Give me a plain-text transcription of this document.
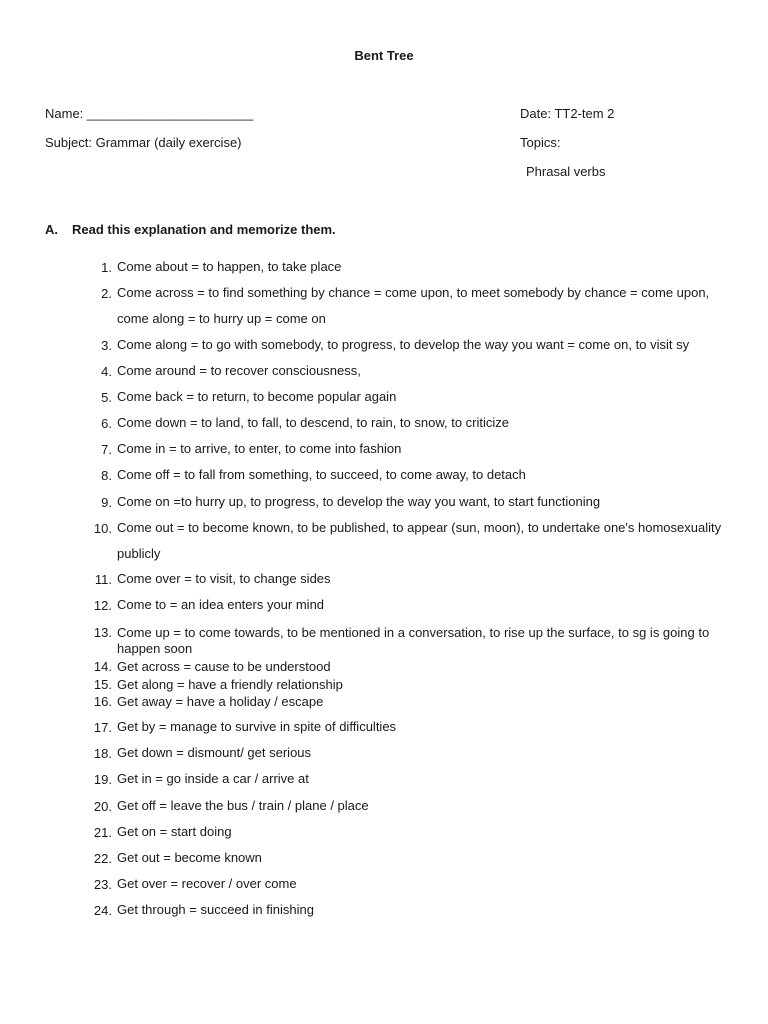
Bent Tree
Name: _______________________	Date: TT2-tem 2
Subject: Grammar (daily exercise)	Topics:
Phrasal verbs
A. Read this explanation and memorize them.
1. Come about = to happen, to take place
2. Come across = to find something by chance = come upon, to meet somebody by chance = come upon, come along = to hurry up = come on
3. Come along = to go with somebody, to progress, to develop the way you want = come on, to visit sy
4. Come around = to recover consciousness,
5. Come back = to return, to become popular again
6. Come down = to land, to fall, to descend, to rain, to snow, to criticize
7. Come in = to arrive, to enter, to come into fashion
8. Come off = to fall from something, to succeed, to come away, to detach
9. Come on =to hurry up, to progress, to develop the way you want, to start functioning
10. Come out = to become known, to be published, to appear (sun, moon), to undertake one's homosexuality publicly
11. Come over = to visit, to change sides
12. Come to = an idea enters your mind
13. Come up = to come towards, to be mentioned in a conversation, to rise up the surface, to sg is going to happen soon
14. Get across = cause to be understood
15. Get along = have a friendly relationship
16. Get away = have a holiday / escape
17. Get by = manage to survive in spite of difficulties
18. Get down = dismount/ get serious
19. Get in = go inside a car / arrive at
20. Get off = leave the bus / train / plane / place
21. Get on = start doing
22. Get out = become known
23. Get over = recover / over come
24. Get through = succeed in finishing
